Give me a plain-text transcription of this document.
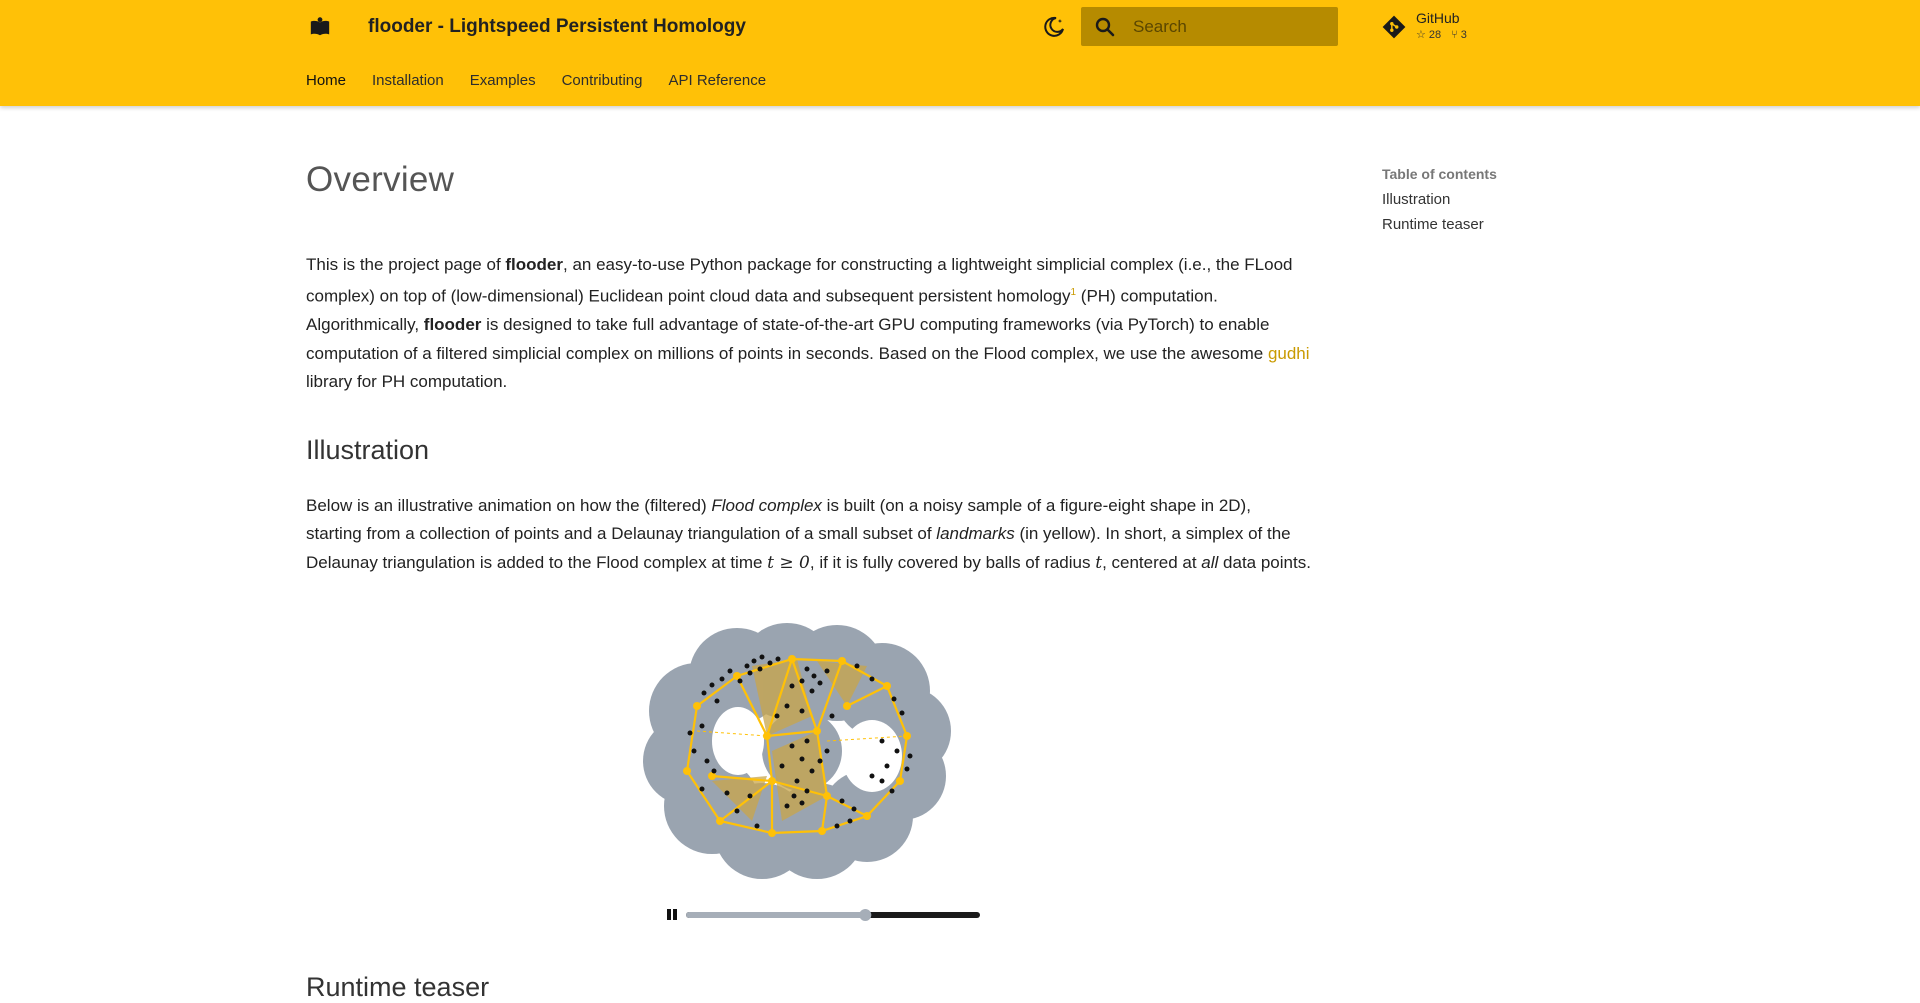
flooder - Lightspeed Persistent Homology
Search	GitHub
☆ 28 ⑂ 3
Home Installation Examples Contributing API Reference
Overview

This is the project page of flooder, an easy-to-use Python package for constructing a lightweight simplicial complex (i.e., the FLood complex) on top of (low-dimensional) Euclidean point cloud data and subsequent persistent homology$^1$ (PH) computation. Algorithmically, flooder is designed to take full advantage of state-of-the-art GPU computing frameworks (via PyTorch) to enable computation of a filtered simplicial complex on millions of points in seconds. Based on the Flood complex, we use the awesome gudhi library for PH computation.

Illustration

Below is an illustrative animation on how the (filtered) Flood complex is built (on a noisy sample of a figure-eight shape in 2D), starting from a collection of points and a Delaunay triangulation of a small subset of landmarks (in yellow). In short, a simplex of the Delaunay triangulation is added to the Flood complex at time t ≥ 0, if it is fully covered by balls of radius t, centered at all data points.

Runtime teaser
Table of contents
Illustration
Runtime teaser
